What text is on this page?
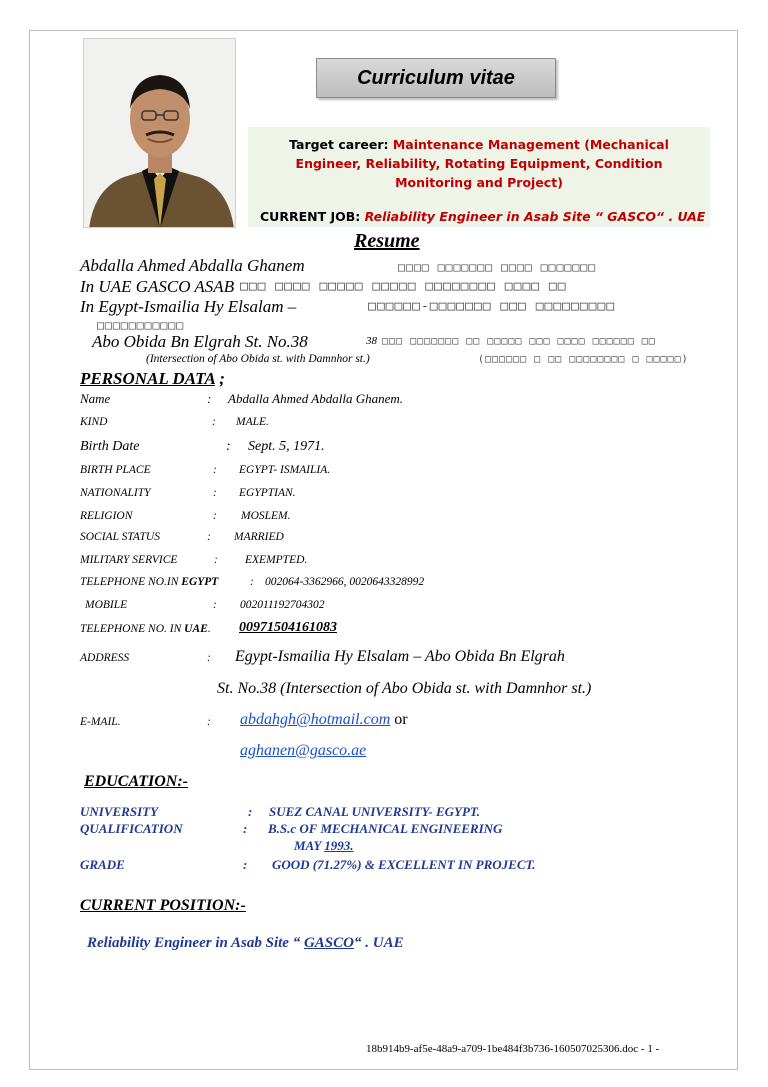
Curriculum vitae
Target career: Maintenance Management (Mechanical Engineer, Reliability, Rotating Equipment, Condition Monitoring and Project)
CURRENT JOB: Reliability Engineer in Asab Site “ GASCO“ . UAE
Resume
Abdalla Ahmed Abdalla Ghanem	□□□□ □□□□□□□ □□□□ □□□□□□□
In UAE GASCO ASAB □□□ □□□□ □□□□□ □□□□□ □□□□□□□□ □□□□ □□
In Egypt-Ismailia Hy Elsalam –	□□□□□□-□□□□□□□ □□□ □□□□□□□□□
□□□□□□□□□□□
Abo Obida Bn Elgrah St. No.38	38 □□□ □□□□□□□ □□ □□□□□ □□□ □□□□ □□□□□□ □□
(Intersection of Abo Obida st. with Damnhor st.)	(□□□□□□ □ □□ □□□□□□□□ □ □□□□□)
PERSONAL DATA ;
Name	: Abdalla Ahmed Abdalla Ghanem.
KIND	: MALE.
Birth Date	: Sept. 5, 1971.
BIRTH PLACE	: EGYPT- ISMAILIA.
NATIONALITY	: EGYPTIAN.
RELIGION	: MOSLEM.
SOCIAL STATUS	: MARRIED
MILITARY SERVICE	: EXEMPTED.
TELEPHONE NO.IN EGYPT	: 002064-3362966, 0020643328992
MOBILE	: 002011192704302
TELEPHONE NO. IN UAE. 00971504161083
ADDRESS	: Egypt-Ismailia Hy Elsalam – Abo Obida Bn Elgrah
St. No.38 (Intersection of Abo Obida st. with Damnhor st.)
E-MAIL.	: abdahgh@hotmail.com or
aghanen@gasco.ae
EDUCATION:-
UNIVERSITY	: SUEZ CANAL UNIVERSITY- EGYPT.
QUALIFICATION	: B.S.c OF MECHANICAL ENGINEERING
MAY 1993.
GRADE	: GOOD (71.27%) & EXCELLENT IN PROJECT.
CURRENT POSITION:-
Reliability Engineer in Asab Site “ GASCO“ . UAE
18b914b9-af5e-48a9-a709-1be484f3b736-160507025306.doc - 1 -
